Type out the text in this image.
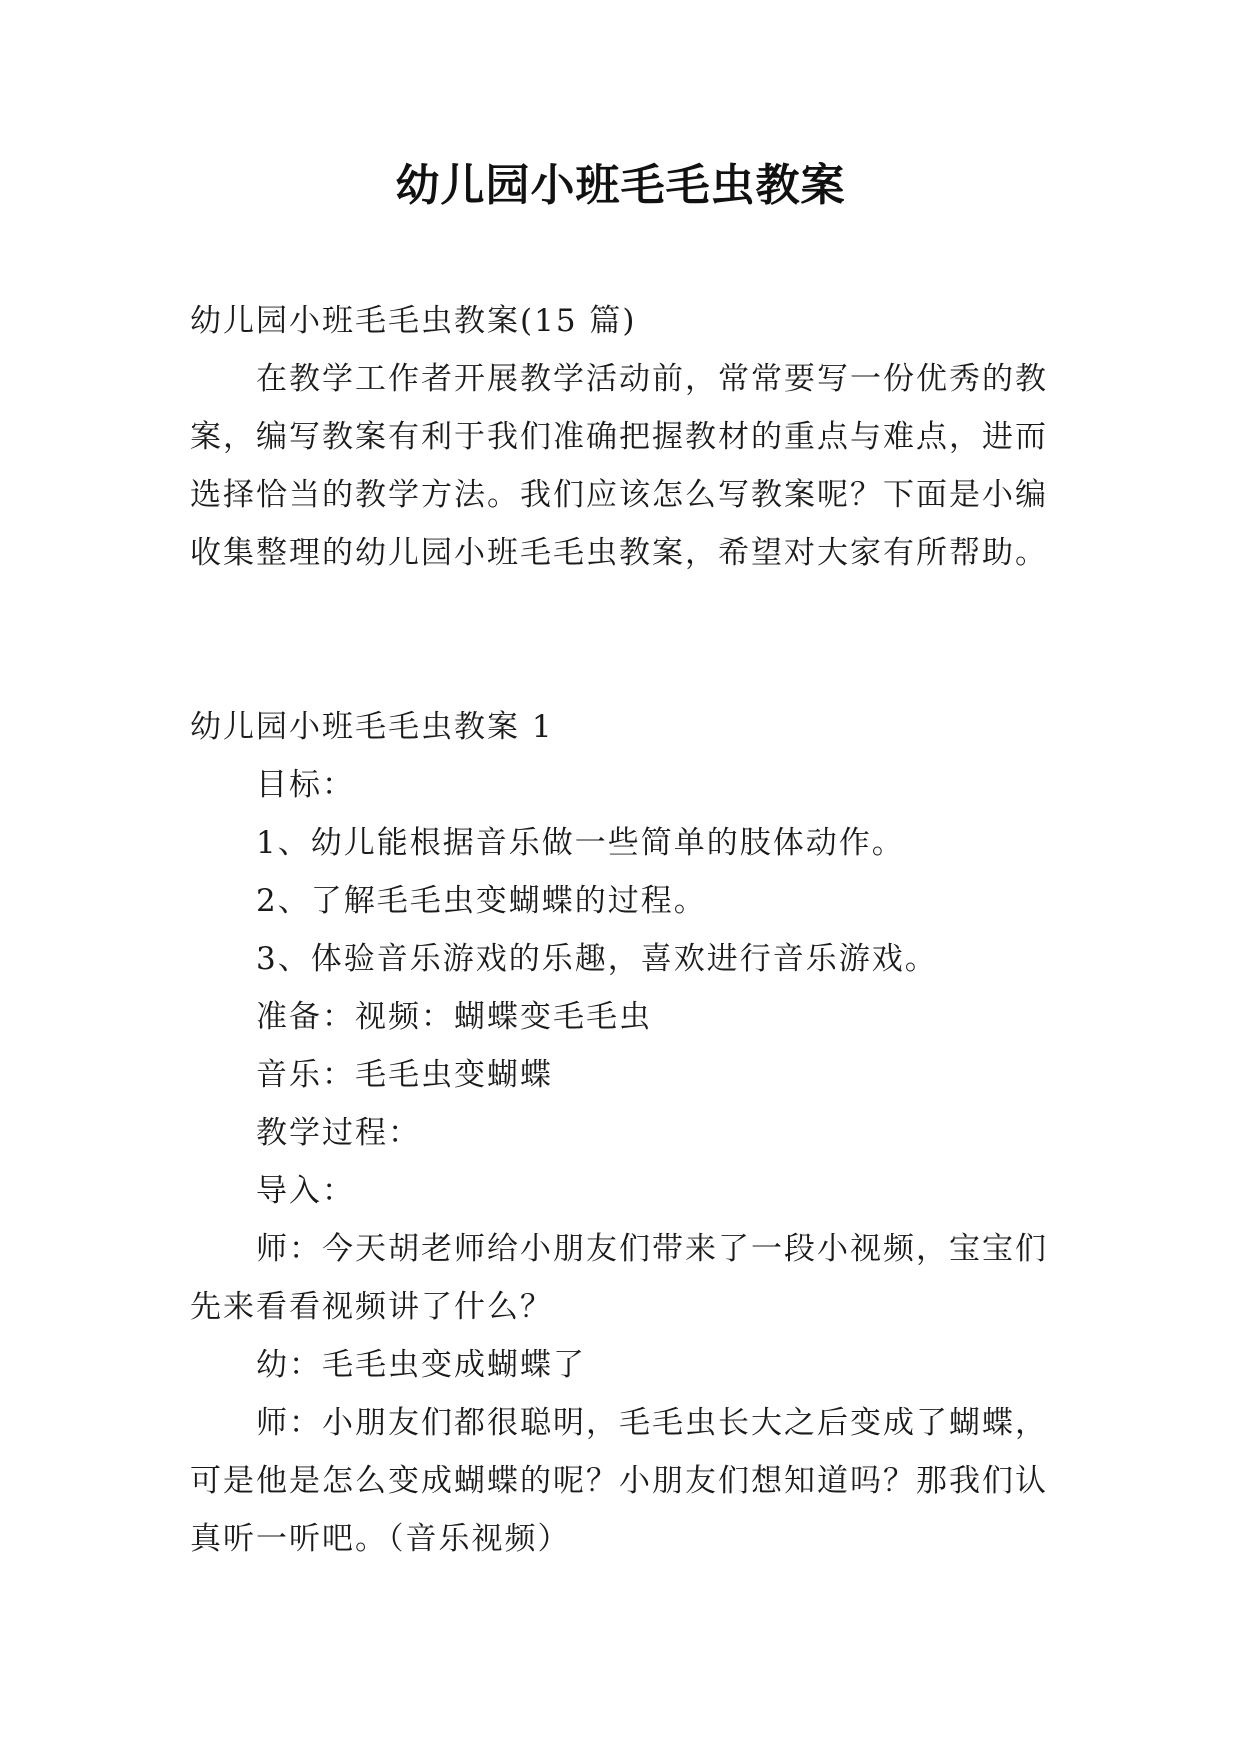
幼儿园小班毛毛虫教案

幼儿园小班毛毛虫教案(15 篇)

在教学工作者开展教学活动前，常常要写一份优秀的教案，编写教案有利于我们准确把握教材的重点与难点，进而选择恰当的教学方法。我们应该怎么写教案呢？下面是小编收集整理的幼儿园小班毛毛虫教案，希望对大家有所帮助。

幼儿园小班毛毛虫教案 1

目标：

1、幼儿能根据音乐做一些简单的肢体动作。

2、了解毛毛虫变蝴蝶的过程。

3、体验音乐游戏的乐趣，喜欢进行音乐游戏。

准备：视频：蝴蝶变毛毛虫

音乐：毛毛虫变蝴蝶

教学过程：

导入：

师：今天胡老师给小朋友们带来了一段小视频，宝宝们先来看看视频讲了什么？

幼：毛毛虫变成蝴蝶了

师：小朋友们都很聪明，毛毛虫长大之后变成了蝴蝶，可是他是怎么变成蝴蝶的呢？小朋友们想知道吗？那我们认真听一听吧。（音乐视频）
